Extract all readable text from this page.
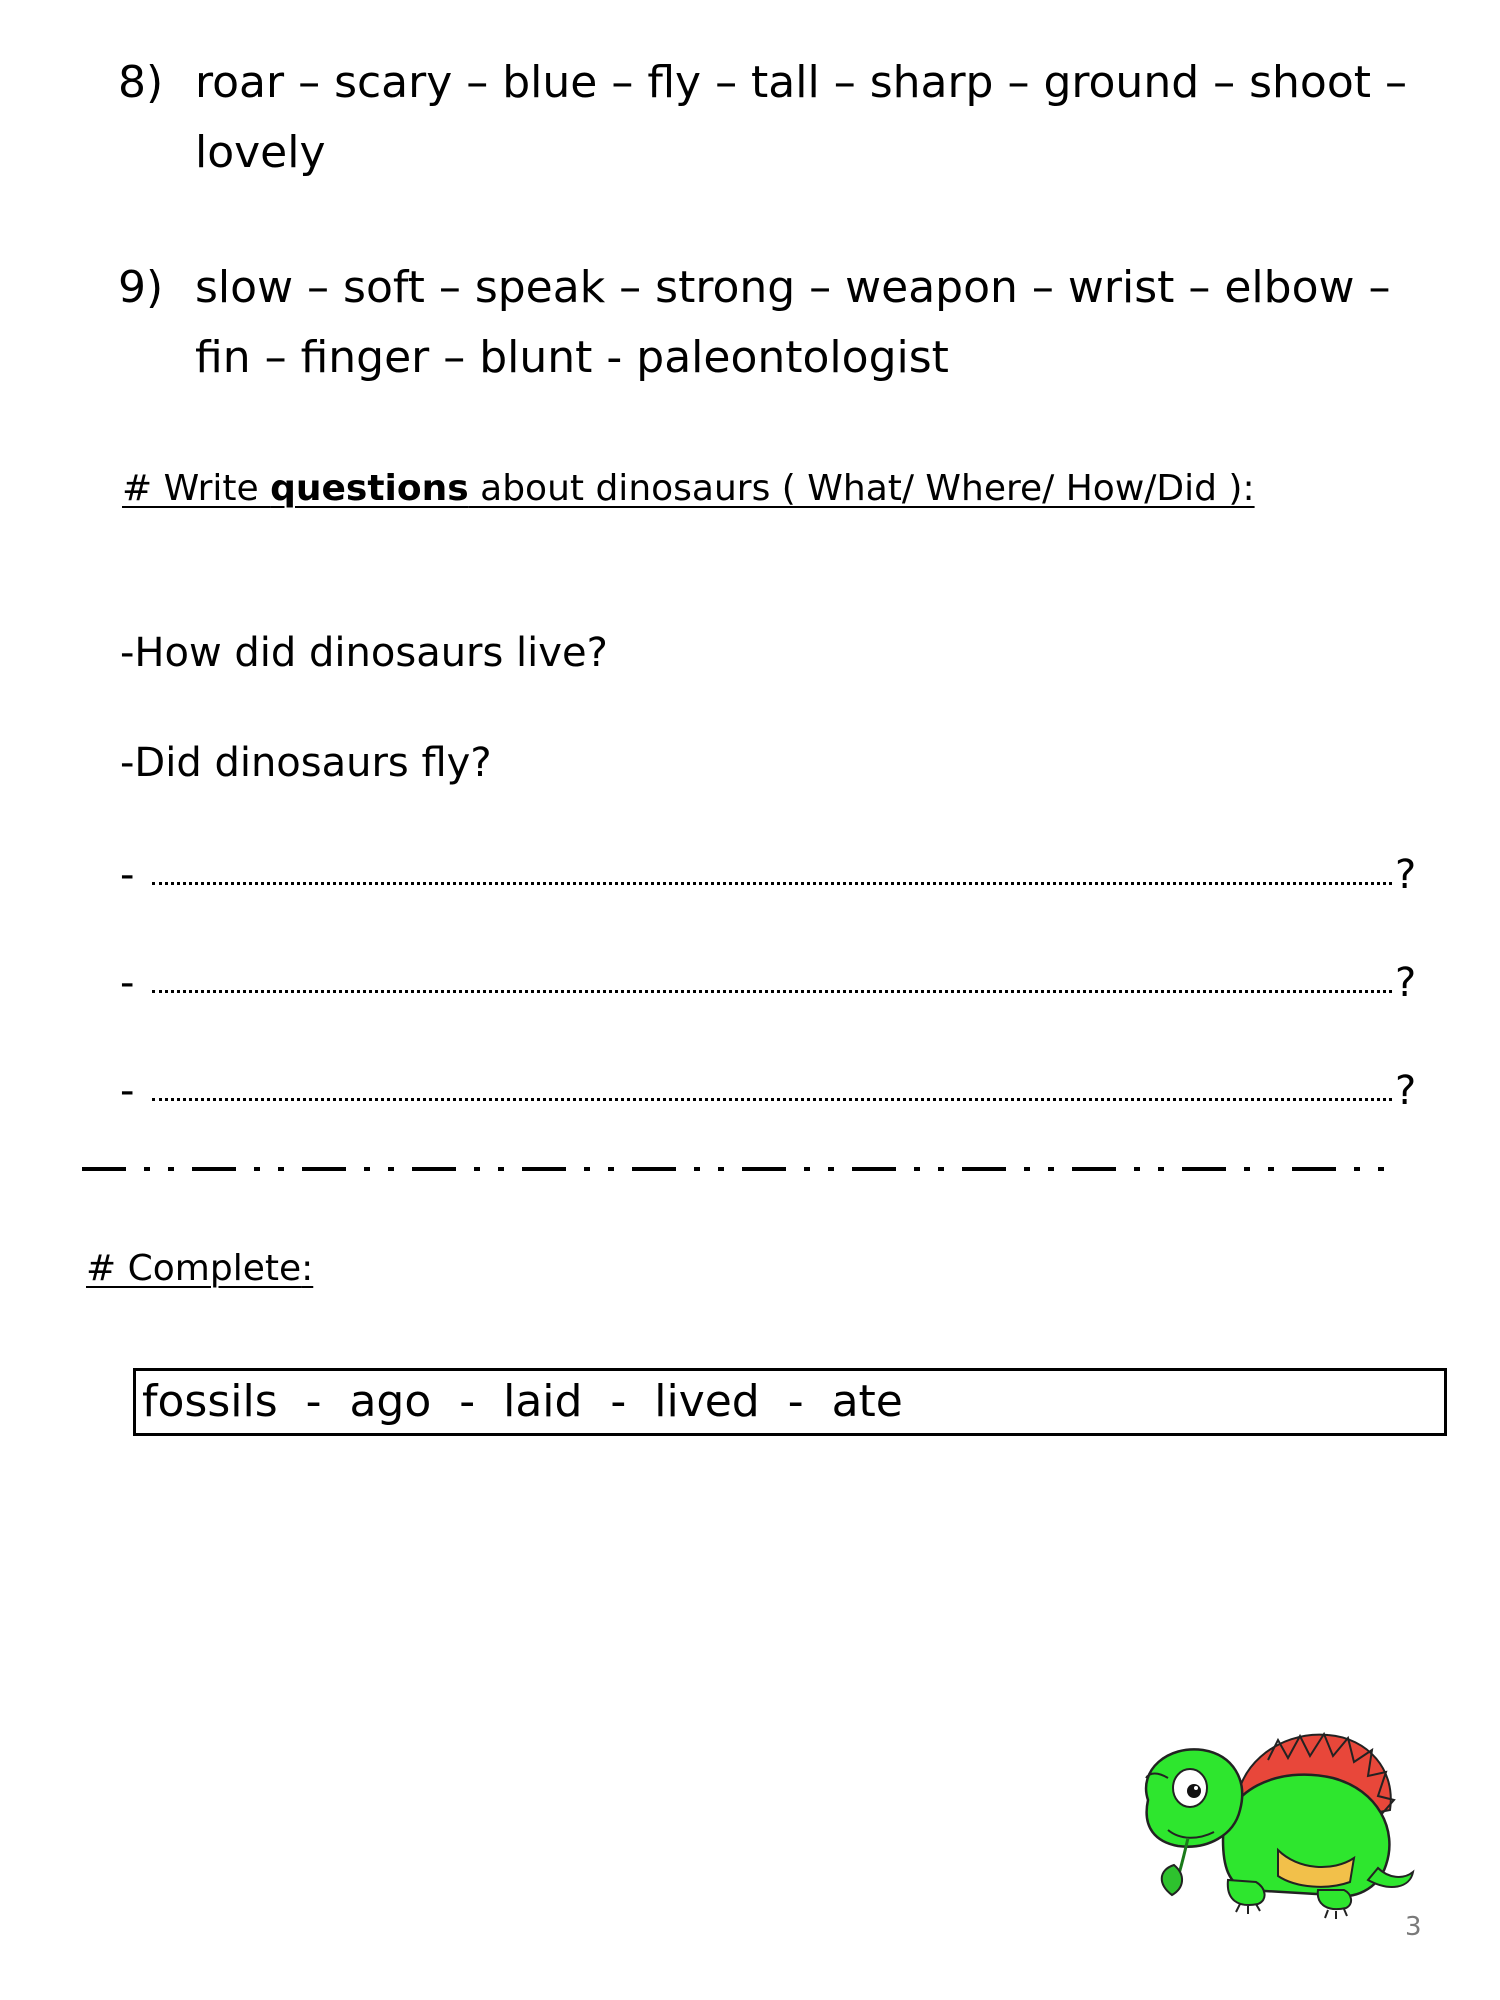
8) roar – scary – blue – fly – tall – sharp – ground – shoot – lovely
9) slow – soft – speak – strong – weapon – wrist – elbow – fin – finger – blunt - paleontologist
# Write questions about dinosaurs ( What/ Where/ How/Did ):
-How did dinosaurs live?
-Did dinosaurs fly?
-	?
-	?
-	?
# Complete:
fossils  -  ago  -  laid  -  lived  -  ate
3
